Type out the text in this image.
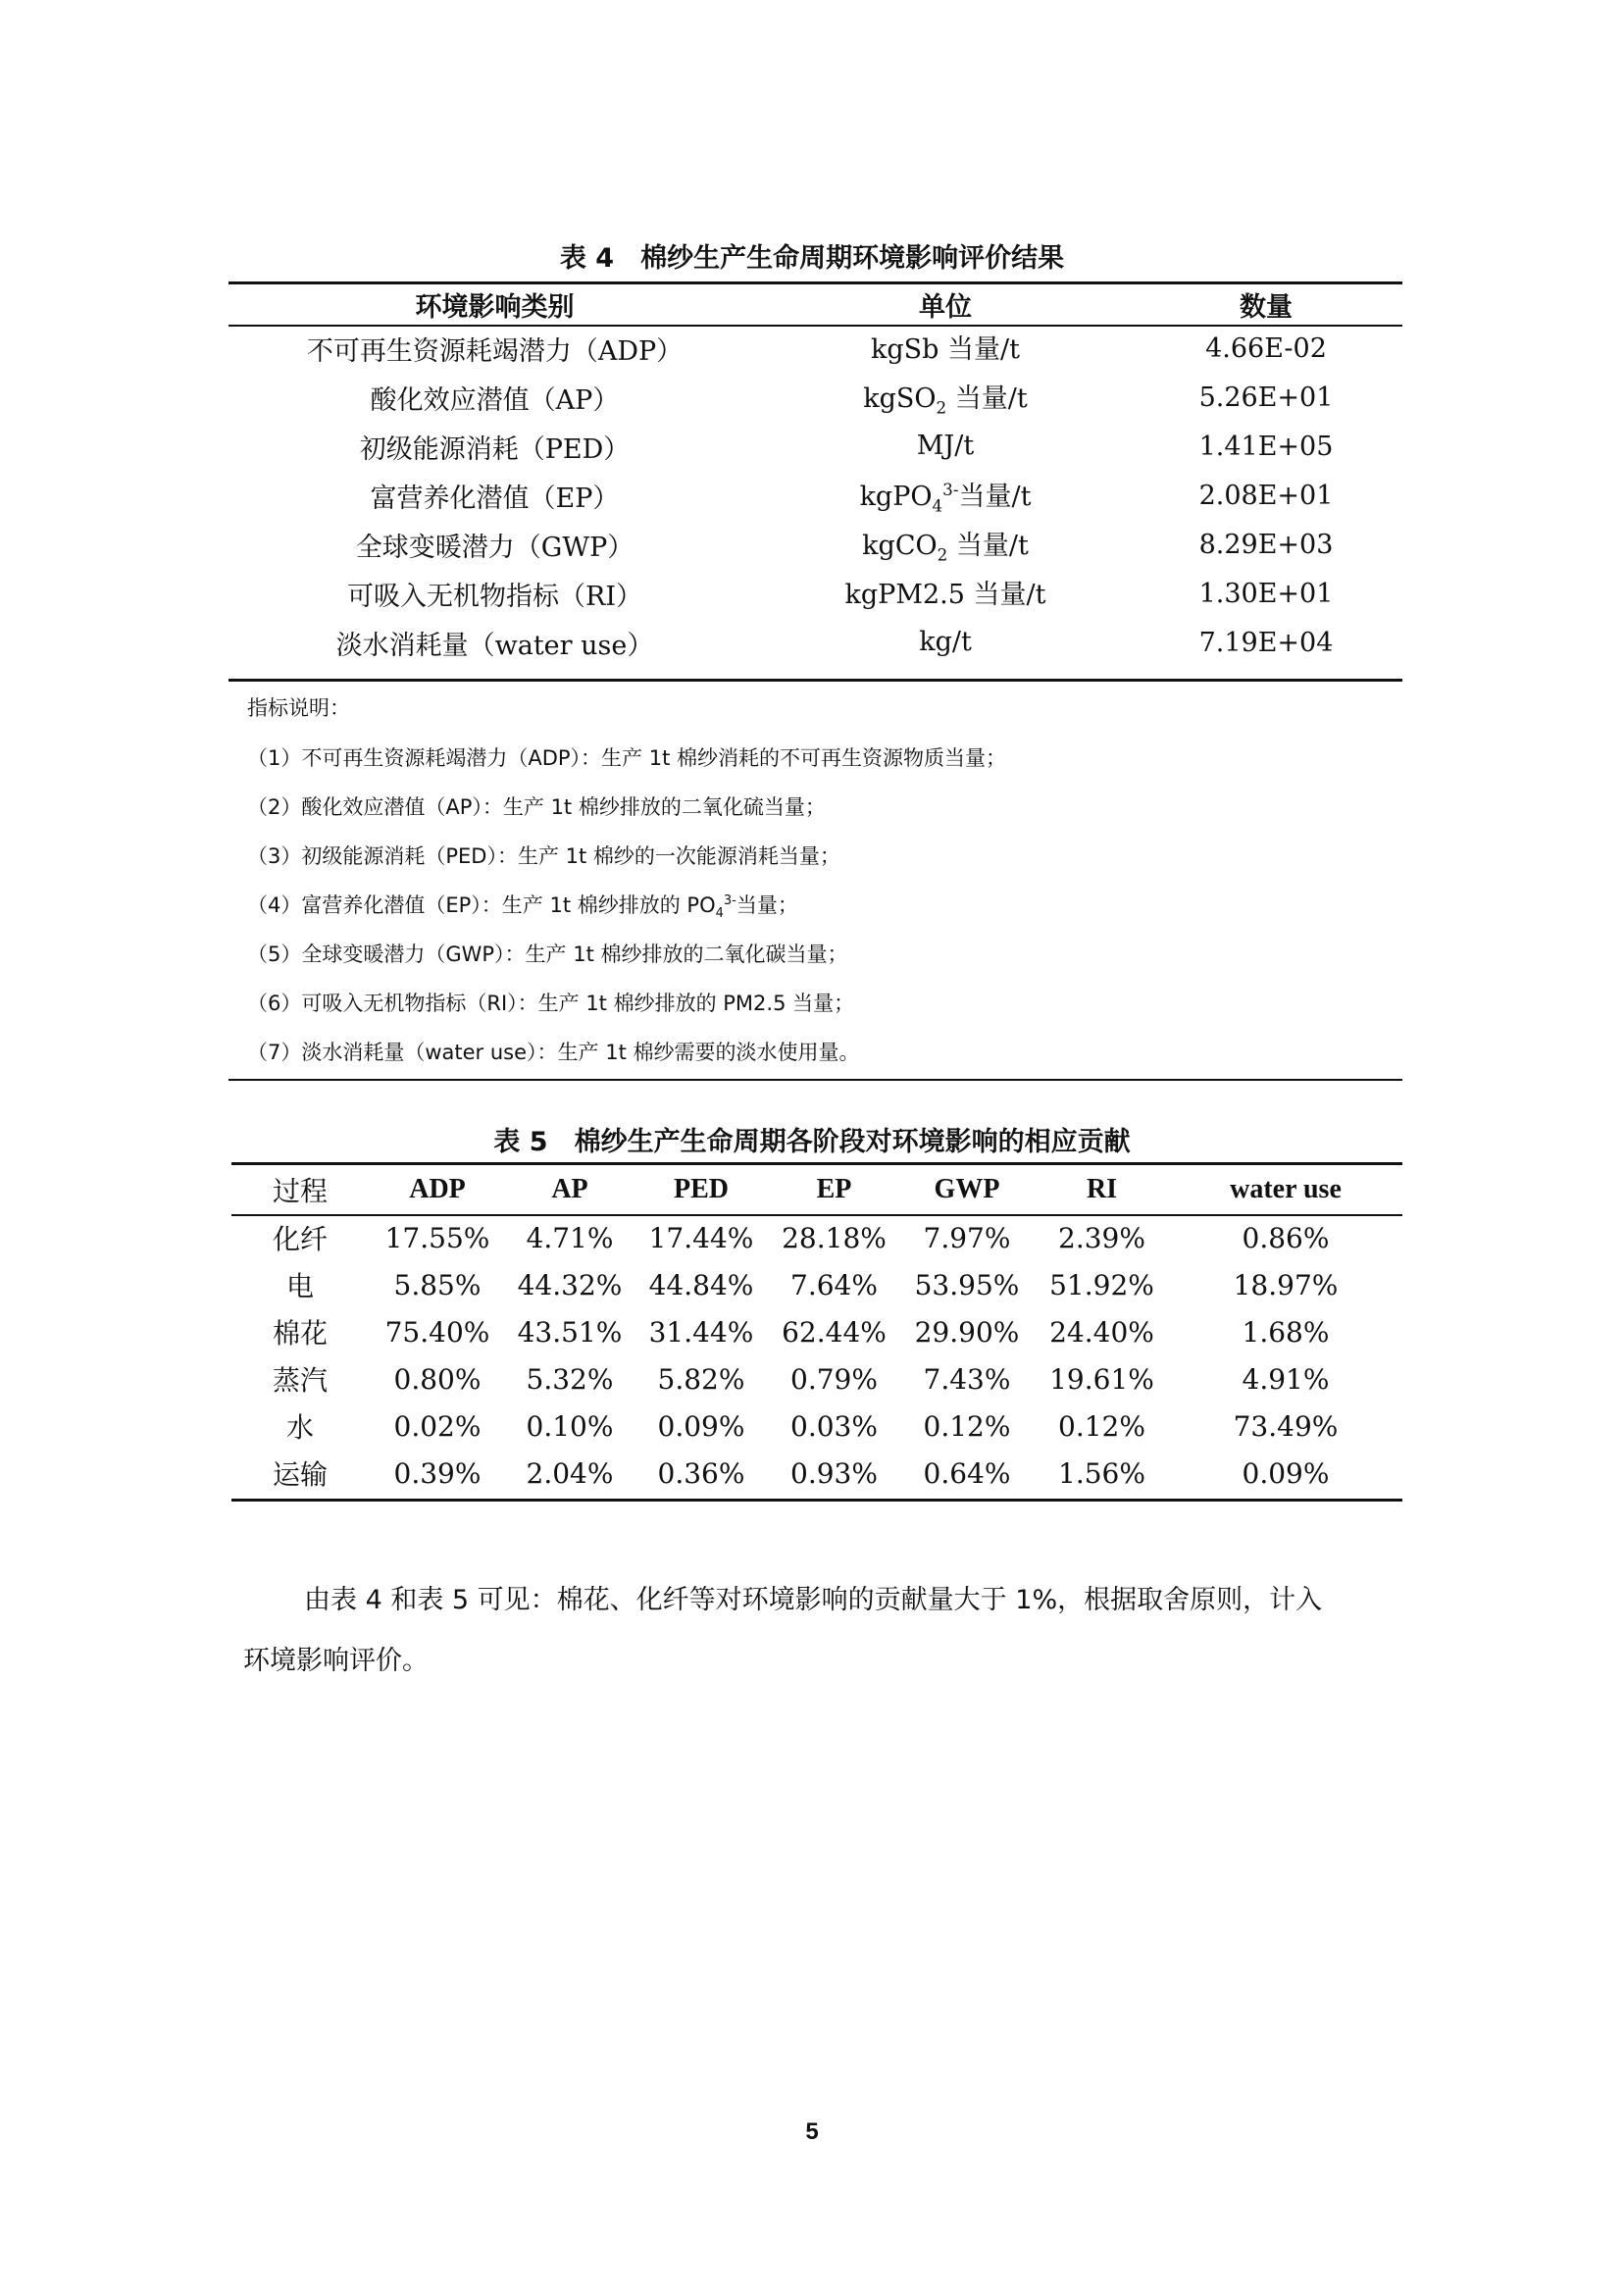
表 4　棉纱生产生命周期环境影响评价结果
环境影响类别	单位	数量
不可再生资源耗竭潜力（ADP）	kgSb 当量/t	4.66E-02
酸化效应潜值（AP）	kgSO$_2$ 当量/t	5.26E+01
初级能源消耗（PED）	MJ/t	1.41E+05
富营养化潜值（EP）	kgPO$_4^{3-}$当量/t	2.08E+01
全球变暖潜力（GWP）	kgCO$_2$ 当量/t	8.29E+03
可吸入无机物指标（RI）	kgPM2.5 当量/t	1.30E+01
淡水消耗量（water use）	kg/t	7.19E+04
指标说明：
（1）不可再生资源耗竭潜力（ADP）：生产 1t 棉纱消耗的不可再生资源物质当量；
（2）酸化效应潜值（AP）：生产 1t 棉纱排放的二氧化硫当量；
（3）初级能源消耗（PED）：生产 1t 棉纱的一次能源消耗当量；
（4）富营养化潜值（EP）：生产 1t 棉纱排放的 $PO_4^{3-}$当量；
（5）全球变暖潜力（GWP）：生产 1t 棉纱排放的二氧化碳当量；
（6）可吸入无机物指标（RI）：生产 1t 棉纱排放的 PM2.5 当量；
（7）淡水消耗量（water use）：生产 1t 棉纱需要的淡水使用量。
表 5　棉纱生产生命周期各阶段对环境影响的相应贡献
过程	ADP	AP	PED	EP	GWP	RI	water use
化纤	17.55%	4.71%	17.44%	28.18%	7.97%	2.39%	0.86%
电	5.85%	44.32%	44.84%	7.64%	53.95%	51.92%	18.97%
棉花	75.40%	43.51%	31.44%	62.44%	29.90%	24.40%	1.68%
蒸汽	0.80%	5.32%	5.82%	0.79%	7.43%	19.61%	4.91%
水	0.02%	0.10%	0.09%	0.03%	0.12%	0.12%	73.49%
运输	0.39%	2.04%	0.36%	0.93%	0.64%	1.56%	0.09%
由表 4 和表 5 可见：棉花、化纤等对环境影响的贡献量大于 1%，根据取舍原则，计入
环境影响评价。
5
